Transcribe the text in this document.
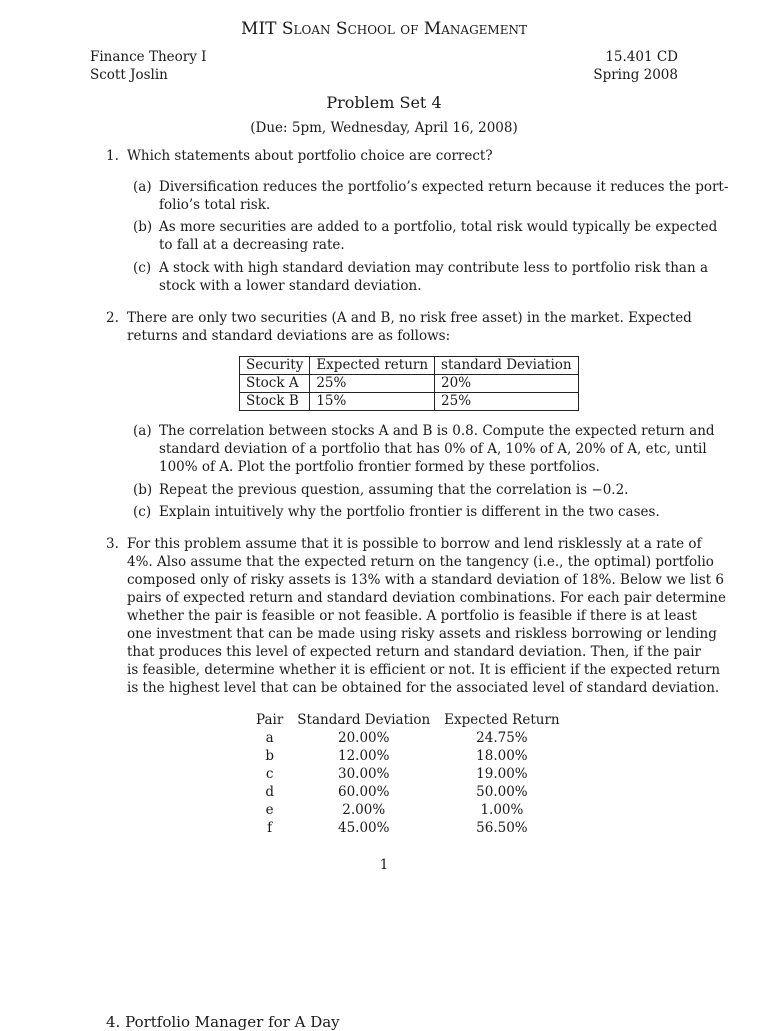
MIT Sloan School of Management
Finance Theory I
Scott Joslin
15.401 CD
Spring 2008
Problem Set 4
(Due: 5pm, Wednesday, April 16, 2008)
1. Which statements about portfolio choice are correct?
(a) Diversification reduces the portfolio’s expected return because it reduces the port-
folio’s total risk.
(b) As more securities are added to a portfolio, total risk would typically be expected
to fall at a decreasing rate.
(c) A stock with high standard deviation may contribute less to portfolio risk than a
stock with a lower standard deviation.
2. There are only two securities (A and B, no risk free asset) in the market. Expected
returns and standard deviations are as follows:
Security	Expected return	standard Deviation
Stock A	25%	20%
Stock B	15%	25%
(a) The correlation between stocks A and B is 0.8. Compute the expected return and
standard deviation of a portfolio that has 0% of A, 10% of A, 20% of A, etc, until
100% of A. Plot the portfolio frontier formed by these portfolios.
(b) Repeat the previous question, assuming that the correlation is −0.2.
(c) Explain intuitively why the portfolio frontier is different in the two cases.
3. For this problem assume that it is possible to borrow and lend risklessly at a rate of
4%. Also assume that the expected return on the tangency (i.e., the optimal) portfolio
composed only of risky assets is 13% with a standard deviation of 18%. Below we list 6
pairs of expected return and standard deviation combinations. For each pair determine
whether the pair is feasible or not feasible. A portfolio is feasible if there is at least
one investment that can be made using risky assets and riskless borrowing or lending
that produces this level of expected return and standard deviation. Then, if the pair
is feasible, determine whether it is efficient or not. It is efficient if the expected return
is the highest level that can be obtained for the associated level of standard deviation.
Pair	Standard Deviation	Expected Return
a	20.00%	24.75%
b	12.00%	18.00%
c	30.00%	19.00%
d	60.00%	50.00%
e	2.00%	1.00%
f	45.00%	56.50%
1
4. Portfolio Manager for A Day
